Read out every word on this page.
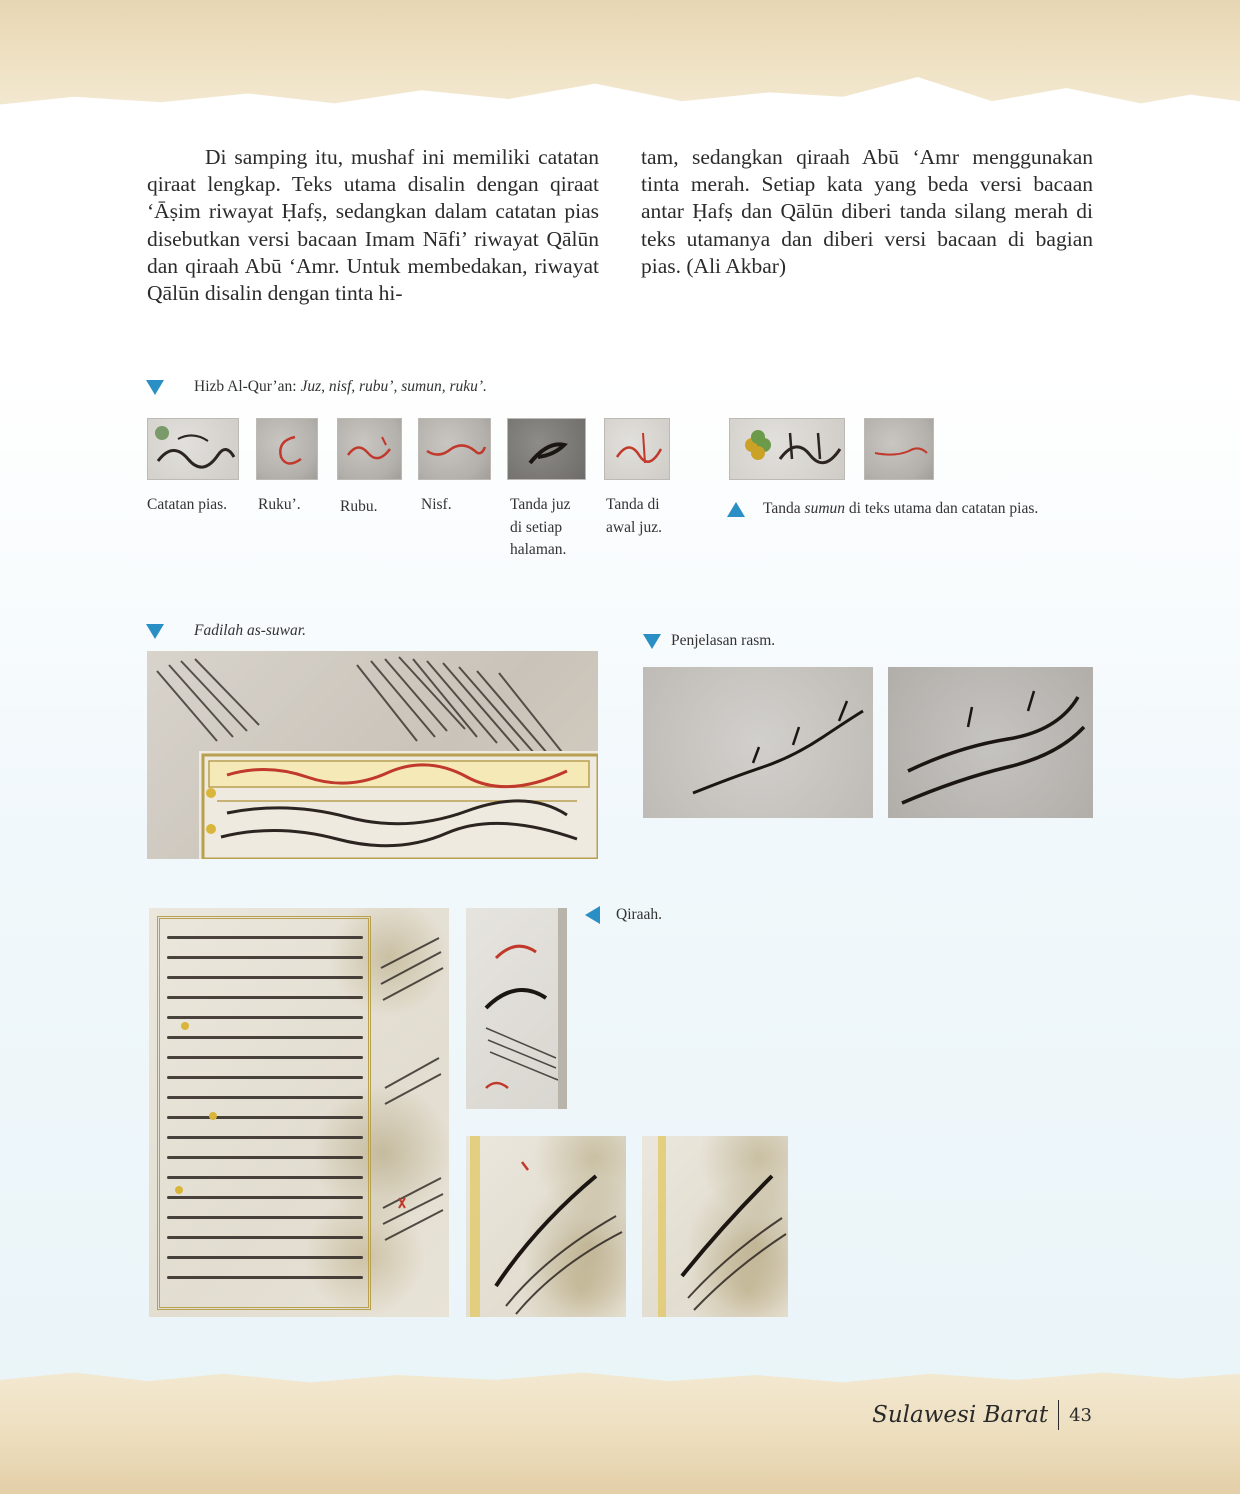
Di samping itu, mushaf ini memiliki catatan qiraat lengkap. Teks utama disalin dengan qiraat ‘Āṣim riwayat Ḥafṣ, sedangkan dalam catatan pias disebutkan versi bacaan Imam Nāfi’ riwayat Qālūn dan qiraah Abū ‘Amr. Untuk membedakan, riwayat Qālūn disalin dengan tinta hi-

tam, sedangkan qiraah Abū ‘Amr menggunakan tinta merah. Setiap kata yang beda versi bacaan antar Ḥafṣ dan Qālūn diberi tanda silang merah di teks utamanya dan diberi versi bacaan di bagian pias. (Ali Akbar)

Hizb Al-Qur’an: Juz, nisf, rubu’, sumun, ruku’.
Catatan pias. Ruku’.	Rubu.	Nisf.	Tanda juz
di setiap
halaman.
Tanda di
awal juz.
Tanda sumun di teks utama dan catatan pias.
Fadilah as-suwar.
Penjelasan rasm.
Qiraah.
Sulawesi Barat 43
